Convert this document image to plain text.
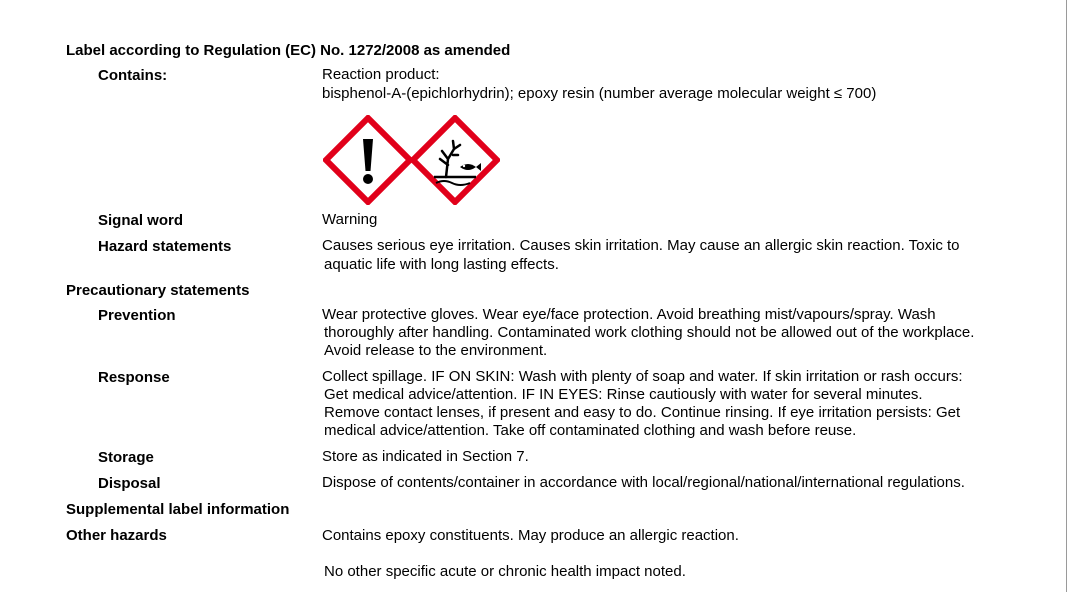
Label according to Regulation (EC) No. 1272/2008 as amended
Contains:	Reaction product:
bisphenol-A-(epichlorhydrin); epoxy resin (number average molecular weight ≤ 700)
Signal word	Warning
Hazard statements	Causes serious eye irritation. Causes skin irritation. May cause an allergic skin reaction. Toxic to
aquatic life with long lasting effects.
Precautionary statements
Prevention	Wear protective gloves. Wear eye/face protection. Avoid breathing mist/vapours/spray. Wash
thoroughly after handling. Contaminated work clothing should not be allowed out of the workplace.
Avoid release to the environment.
Response	Collect spillage. IF ON SKIN: Wash with plenty of soap and water. If skin irritation or rash occurs:
Get medical advice/attention. IF IN EYES: Rinse cautiously with water for several minutes.
Remove contact lenses, if present and easy to do. Continue rinsing. If eye irritation persists: Get
medical advice/attention. Take off contaminated clothing and wash before reuse.
Storage	Store as indicated in Section 7.
Disposal	Dispose of contents/container in accordance with local/regional/national/international regulations.
Supplemental label information
Other hazards	Contains epoxy constituents. May produce an allergic reaction.
No other specific acute or chronic health impact noted.
